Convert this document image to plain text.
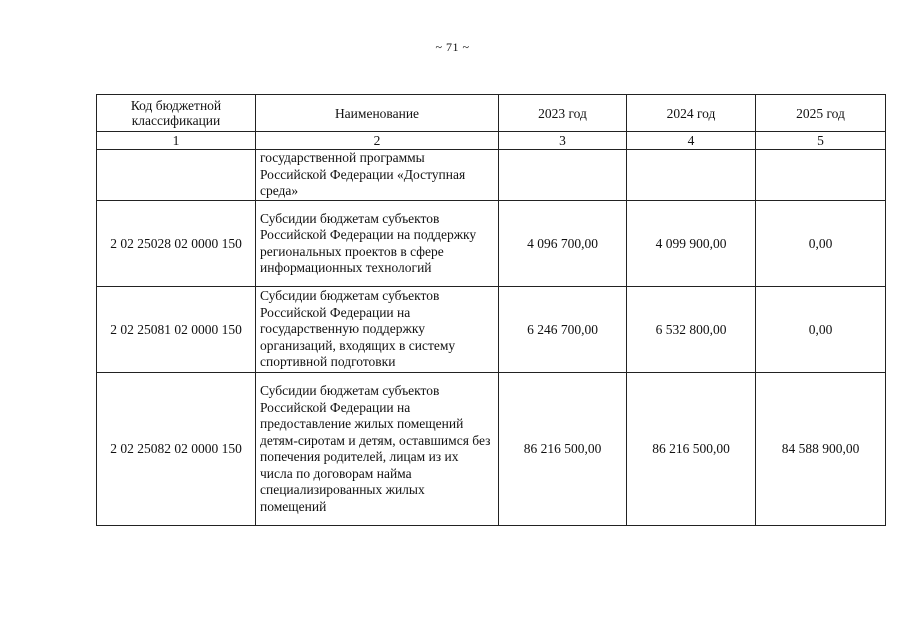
~ 71 ~
Код бюджетной классификации	Наименование	2023 год	2024 год	2025 год
1	2	3	4	5
	государственной программы Российской Федерации «Доступная среда»			
2 02 25028 02 0000 150	Субсидии бюджетам субъектов Российской Федерации на поддержку региональных проектов в сфере информационных технологий	4 096 700,00	4 099 900,00	0,00
2 02 25081 02 0000 150	Субсидии бюджетам субъектов Российской Федерации на государственную поддержку организаций, входящих в систему спортивной подготовки	6 246 700,00	6 532 800,00	0,00
2 02 25082 02 0000 150	Субсидии бюджетам субъектов Российской Федерации на предоставление жилых помещений детям-сиротам и детям, оставшимся без попечения родителей, лицам из их числа по договорам найма специализированных жилых помещений	86 216 500,00	86 216 500,00	84 588 900,00
